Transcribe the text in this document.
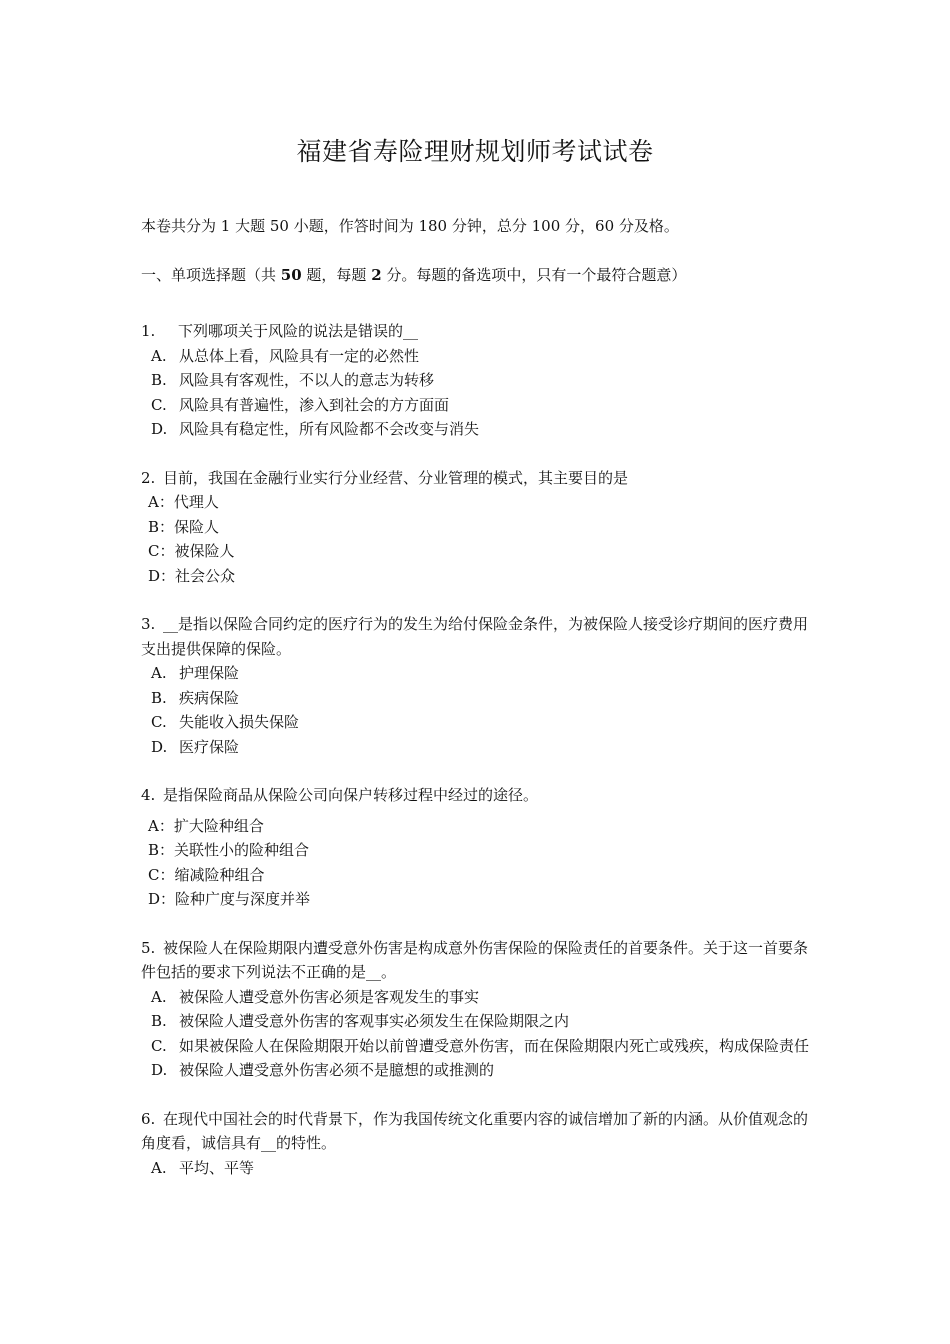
福建省寿险理财规划师考试试卷

本卷共分为 1 大题 50 小题，作答时间为 180 分钟，总分 100 分，60 分及格。

一、单项选择题（共 50 题，每题 2 分。每题的备选项中，只有一个最符合题意）

1. 下列哪项关于风险的说法是错误的__

A. 从总体上看，风险具有一定的必然性

B. 风险具有客观性，不以人的意志为转移

C. 风险具有普遍性，渗入到社会的方方面面

D. 风险具有稳定性，所有风险都不会改变与消失

2. 目前，我国在金融行业实行分业经营、分业管理的模式，其主要目的是

A：代理人

B：保险人

C：被保险人

D：社会公众

3. __是指以保险合同约定的医疗行为的发生为给付保险金条件，为被保险人接受诊疗期间的医疗费用支出提供保障的保险。

A. 护理保险

B. 疾病保险

C. 失能收入损失保险

D. 医疗保险

4. 是指保险商品从保险公司向保户转移过程中经过的途径。

A：扩大险种组合

B：关联性小的险种组合

C：缩减险种组合

D：险种广度与深度并举

5. 被保险人在保险期限内遭受意外伤害是构成意外伤害保险的保险责任的首要条件。关于这一首要条件包括的要求下列说法不正确的是__。

A. 被保险人遭受意外伤害必须是客观发生的事实

B. 被保险人遭受意外伤害的客观事实必须发生在保险期限之内

C. 如果被保险人在保险期限开始以前曾遭受意外伤害，而在保险期限内死亡或残疾，构成保险责任

D. 被保险人遭受意外伤害必须不是臆想的或推测的

6. 在现代中国社会的时代背景下，作为我国传统文化重要内容的诚信增加了新的内涵。从价值观念的角度看，诚信具有__的特性。

A. 平均、平等
